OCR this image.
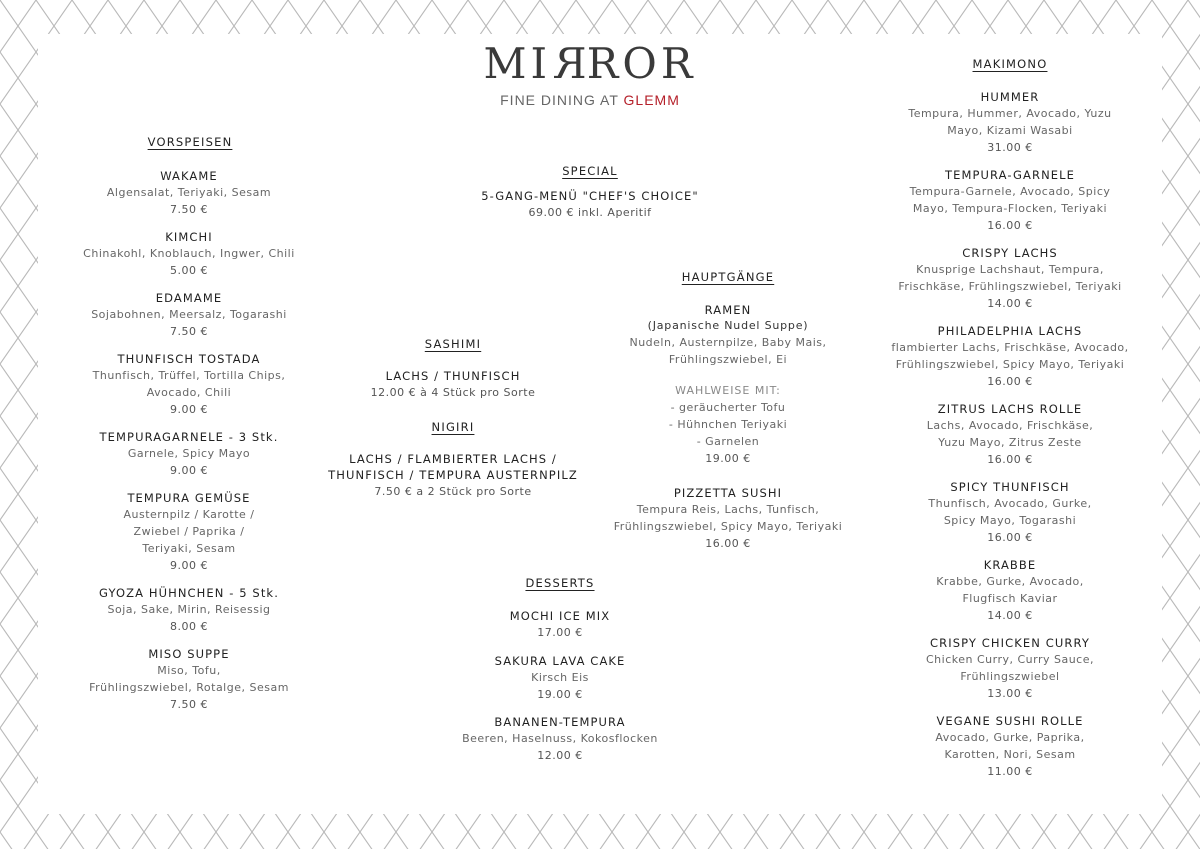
MIRROR
FINE DINING AT GLEMM
VORSPEISEN
SPECIAL
HAUPTGÄNGE
SASHIMI
NIGIRI
DESSERTS
MAKIMONO
WAKAME
Algensalat, Teriyaki, Sesam
7.50 €
KIMCHI
Chinakohl, Knoblauch, Ingwer, Chili
5.00 €
EDAMAME
Sojabohnen, Meersalz, Togarashi
7.50 €
THUNFISCH TOSTADA
Thunfisch, Trüffel, Tortilla Chips,
Avocado, Chili
9.00 €
TEMPURAGARNELE - 3 Stk.
Garnele, Spicy Mayo
9.00 €
TEMPURA GEMÜSE
Austernpilz / Karotte /
Zwiebel / Paprika /
Teriyaki, Sesam
9.00 €
GYOZA HÜHNCHEN - 5 Stk.
Soja, Sake, Mirin, Reisessig
8.00 €
MISO SUPPE
Miso, Tofu,
Frühlingszwiebel, Rotalge, Sesam
7.50 €
5-GANG-MENÜ "CHEF'S CHOICE"
69.00 € inkl. Aperitif
LACHS / THUNFISCH
12.00 € à 4 Stück pro Sorte
LACHS / FLAMBIERTER LACHS /
THUNFISCH / TEMPURA AUSTERNPILZ
7.50 € a 2 Stück pro Sorte
RAMEN
(Japanische Nudel Suppe)
Nudeln, Austernpilze, Baby Mais,
Frühlingszwiebel, Ei
WAHLWEISE MIT:
- geräucherter Tofu
- Hühnchen Teriyaki
- Garnelen
19.00 €
PIZZETTA SUSHI
Tempura Reis, Lachs, Tunfisch,
Frühlingszwiebel, Spicy Mayo, Teriyaki
16.00 €
MOCHI ICE MIX
17.00 €
SAKURA LAVA CAKE
Kirsch Eis
19.00 €
BANANEN-TEMPURA
Beeren, Haselnuss, Kokosflocken
12.00 €
HUMMER
Tempura, Hummer, Avocado, Yuzu
Mayo, Kizami Wasabi
31.00 €
TEMPURA-GARNELE
Tempura-Garnele, Avocado, Spicy
Mayo, Tempura-Flocken, Teriyaki
16.00 €
CRISPY LACHS
Knusprige Lachshaut, Tempura,
Frischkäse, Frühlingszwiebel, Teriyaki
14.00 €
PHILADELPHIA LACHS
flambierter Lachs, Frischkäse, Avocado,
Frühlingszwiebel, Spicy Mayo, Teriyaki
16.00 €
ZITRUS LACHS ROLLE
Lachs, Avocado, Frischkäse,
Yuzu Mayo, Zitrus Zeste
16.00 €
SPICY THUNFISCH
Thunfisch, Avocado, Gurke,
Spicy Mayo, Togarashi
16.00 €
KRABBE
Krabbe, Gurke, Avocado,
Flugfisch Kaviar
14.00 €
CRISPY CHICKEN CURRY
Chicken Curry, Curry Sauce,
Frühlingszwiebel
13.00 €
VEGANE SUSHI ROLLE
Avocado, Gurke, Paprika,
Karotten, Nori, Sesam
11.00 €
